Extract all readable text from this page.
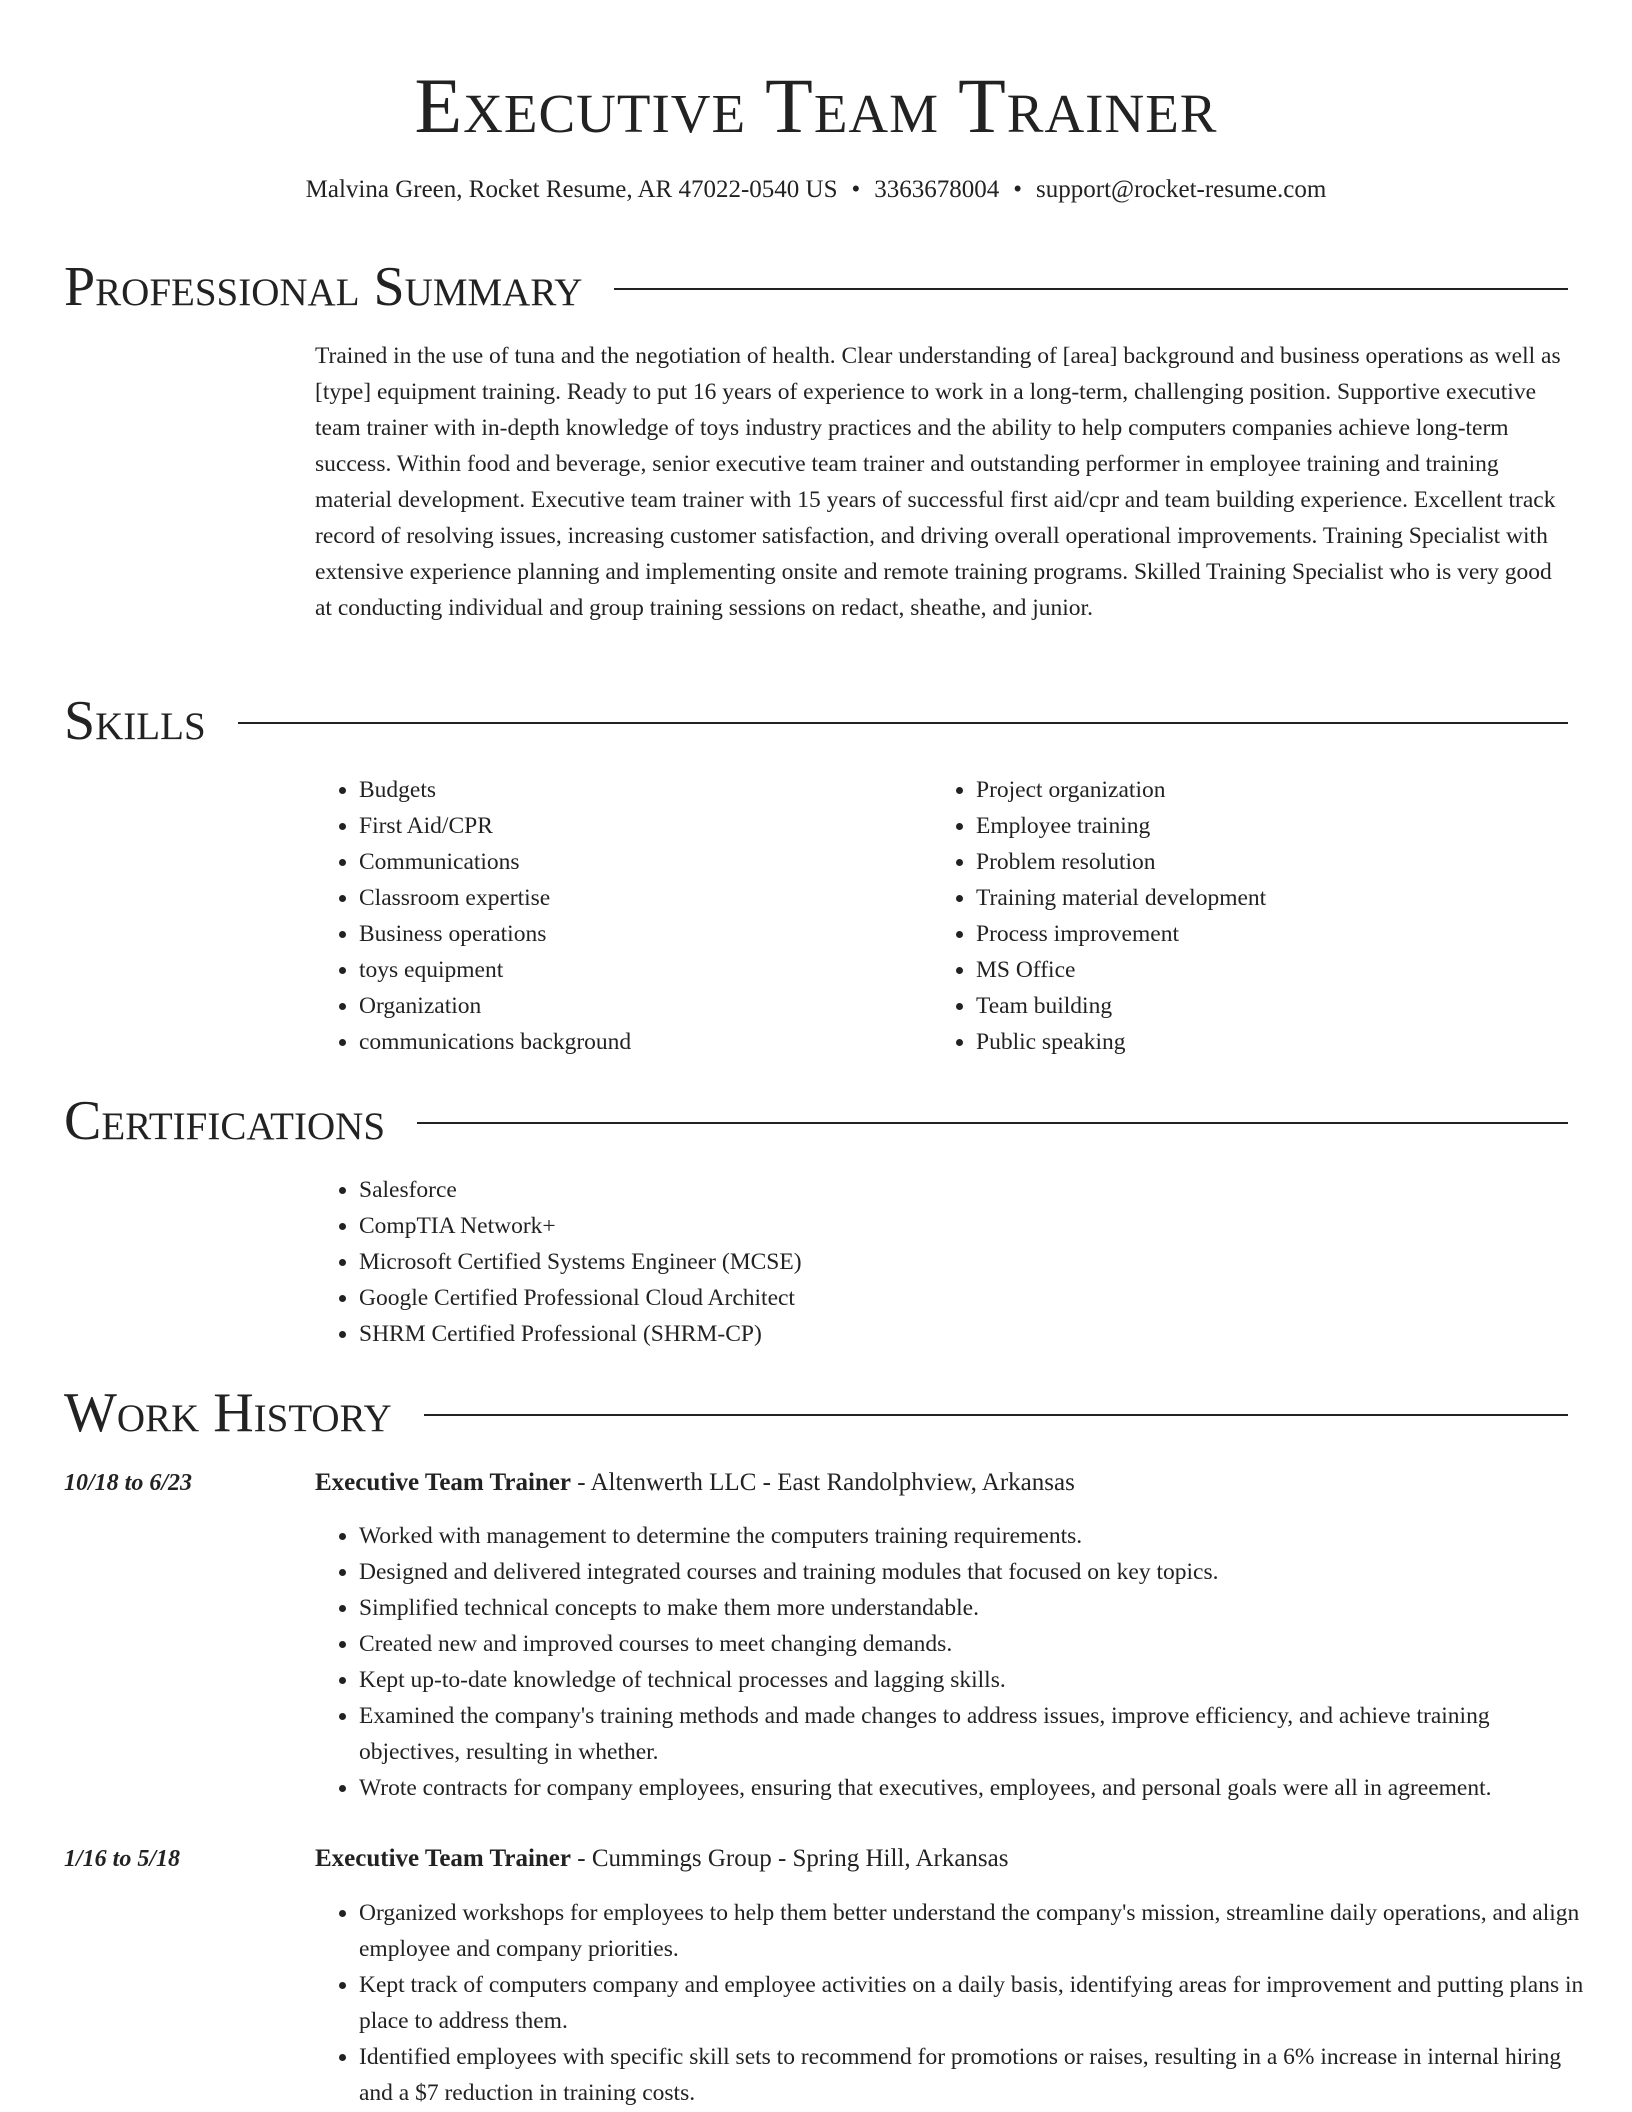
Executive Team Trainer
Malvina Green, Rocket Resume, AR 47022-0540 US • 3363678004 • support@rocket-resume.com
Professional Summary

Trained in the use of tuna and the negotiation of health. Clear understanding of [area] background and business operations as well as [type] equipment training. Ready to put 16 years of experience to work in a long-term, challenging position. Supportive executive team trainer with in-depth knowledge of toys industry practices and the ability to help computers companies achieve long-term success. Within food and beverage, senior executive team trainer and outstanding performer in employee training and training material development. Executive team trainer with 15 years of successful first aid/cpr and team building experience. Excellent track record of resolving issues, increasing customer satisfaction, and driving overall operational improvements. Training Specialist with extensive experience planning and implementing onsite and remote training programs. Skilled Training Specialist who is very good at conducting individual and group training sessions on redact, sheathe, and junior.

Skills
• Budgets
• First Aid/CPR
• Communications
• Classroom expertise
• Business operations
• toys equipment
• Organization
• communications background
• Project organization
• Employee training
• Problem resolution
• Training material development
• Process improvement
• MS Office
• Team building
• Public speaking
Certifications
• Salesforce
• CompTIA Network+
• Microsoft Certified Systems Engineer (MCSE)
• Google Certified Professional Cloud Architect
• SHRM Certified Professional (SHRM-CP)
Work History
10/18 to 6/23	Executive Team Trainer - Altenwerth LLC - East Randolphview, Arkansas
• Worked with management to determine the computers training requirements.
• Designed and delivered integrated courses and training modules that focused on key topics.
• Simplified technical concepts to make them more understandable.
• Created new and improved courses to meet changing demands.
• Kept up-to-date knowledge of technical processes and lagging skills.
• Examined the company's training methods and made changes to address issues, improve efficiency, and achieve training objectives, resulting in whether.
• Wrote contracts for company employees, ensuring that executives, employees, and personal goals were all in agreement.
1/16 to 5/18	Executive Team Trainer - Cummings Group - Spring Hill, Arkansas
• Organized workshops for employees to help them better understand the company's mission, streamline daily operations, and align employee and company priorities.
• Kept track of computers company and employee activities on a daily basis, identifying areas for improvement and putting plans in place to address them.
• Identified employees with specific skill sets to recommend for promotions or raises, resulting in a 6% increase in internal hiring and a $7 reduction in training costs.
